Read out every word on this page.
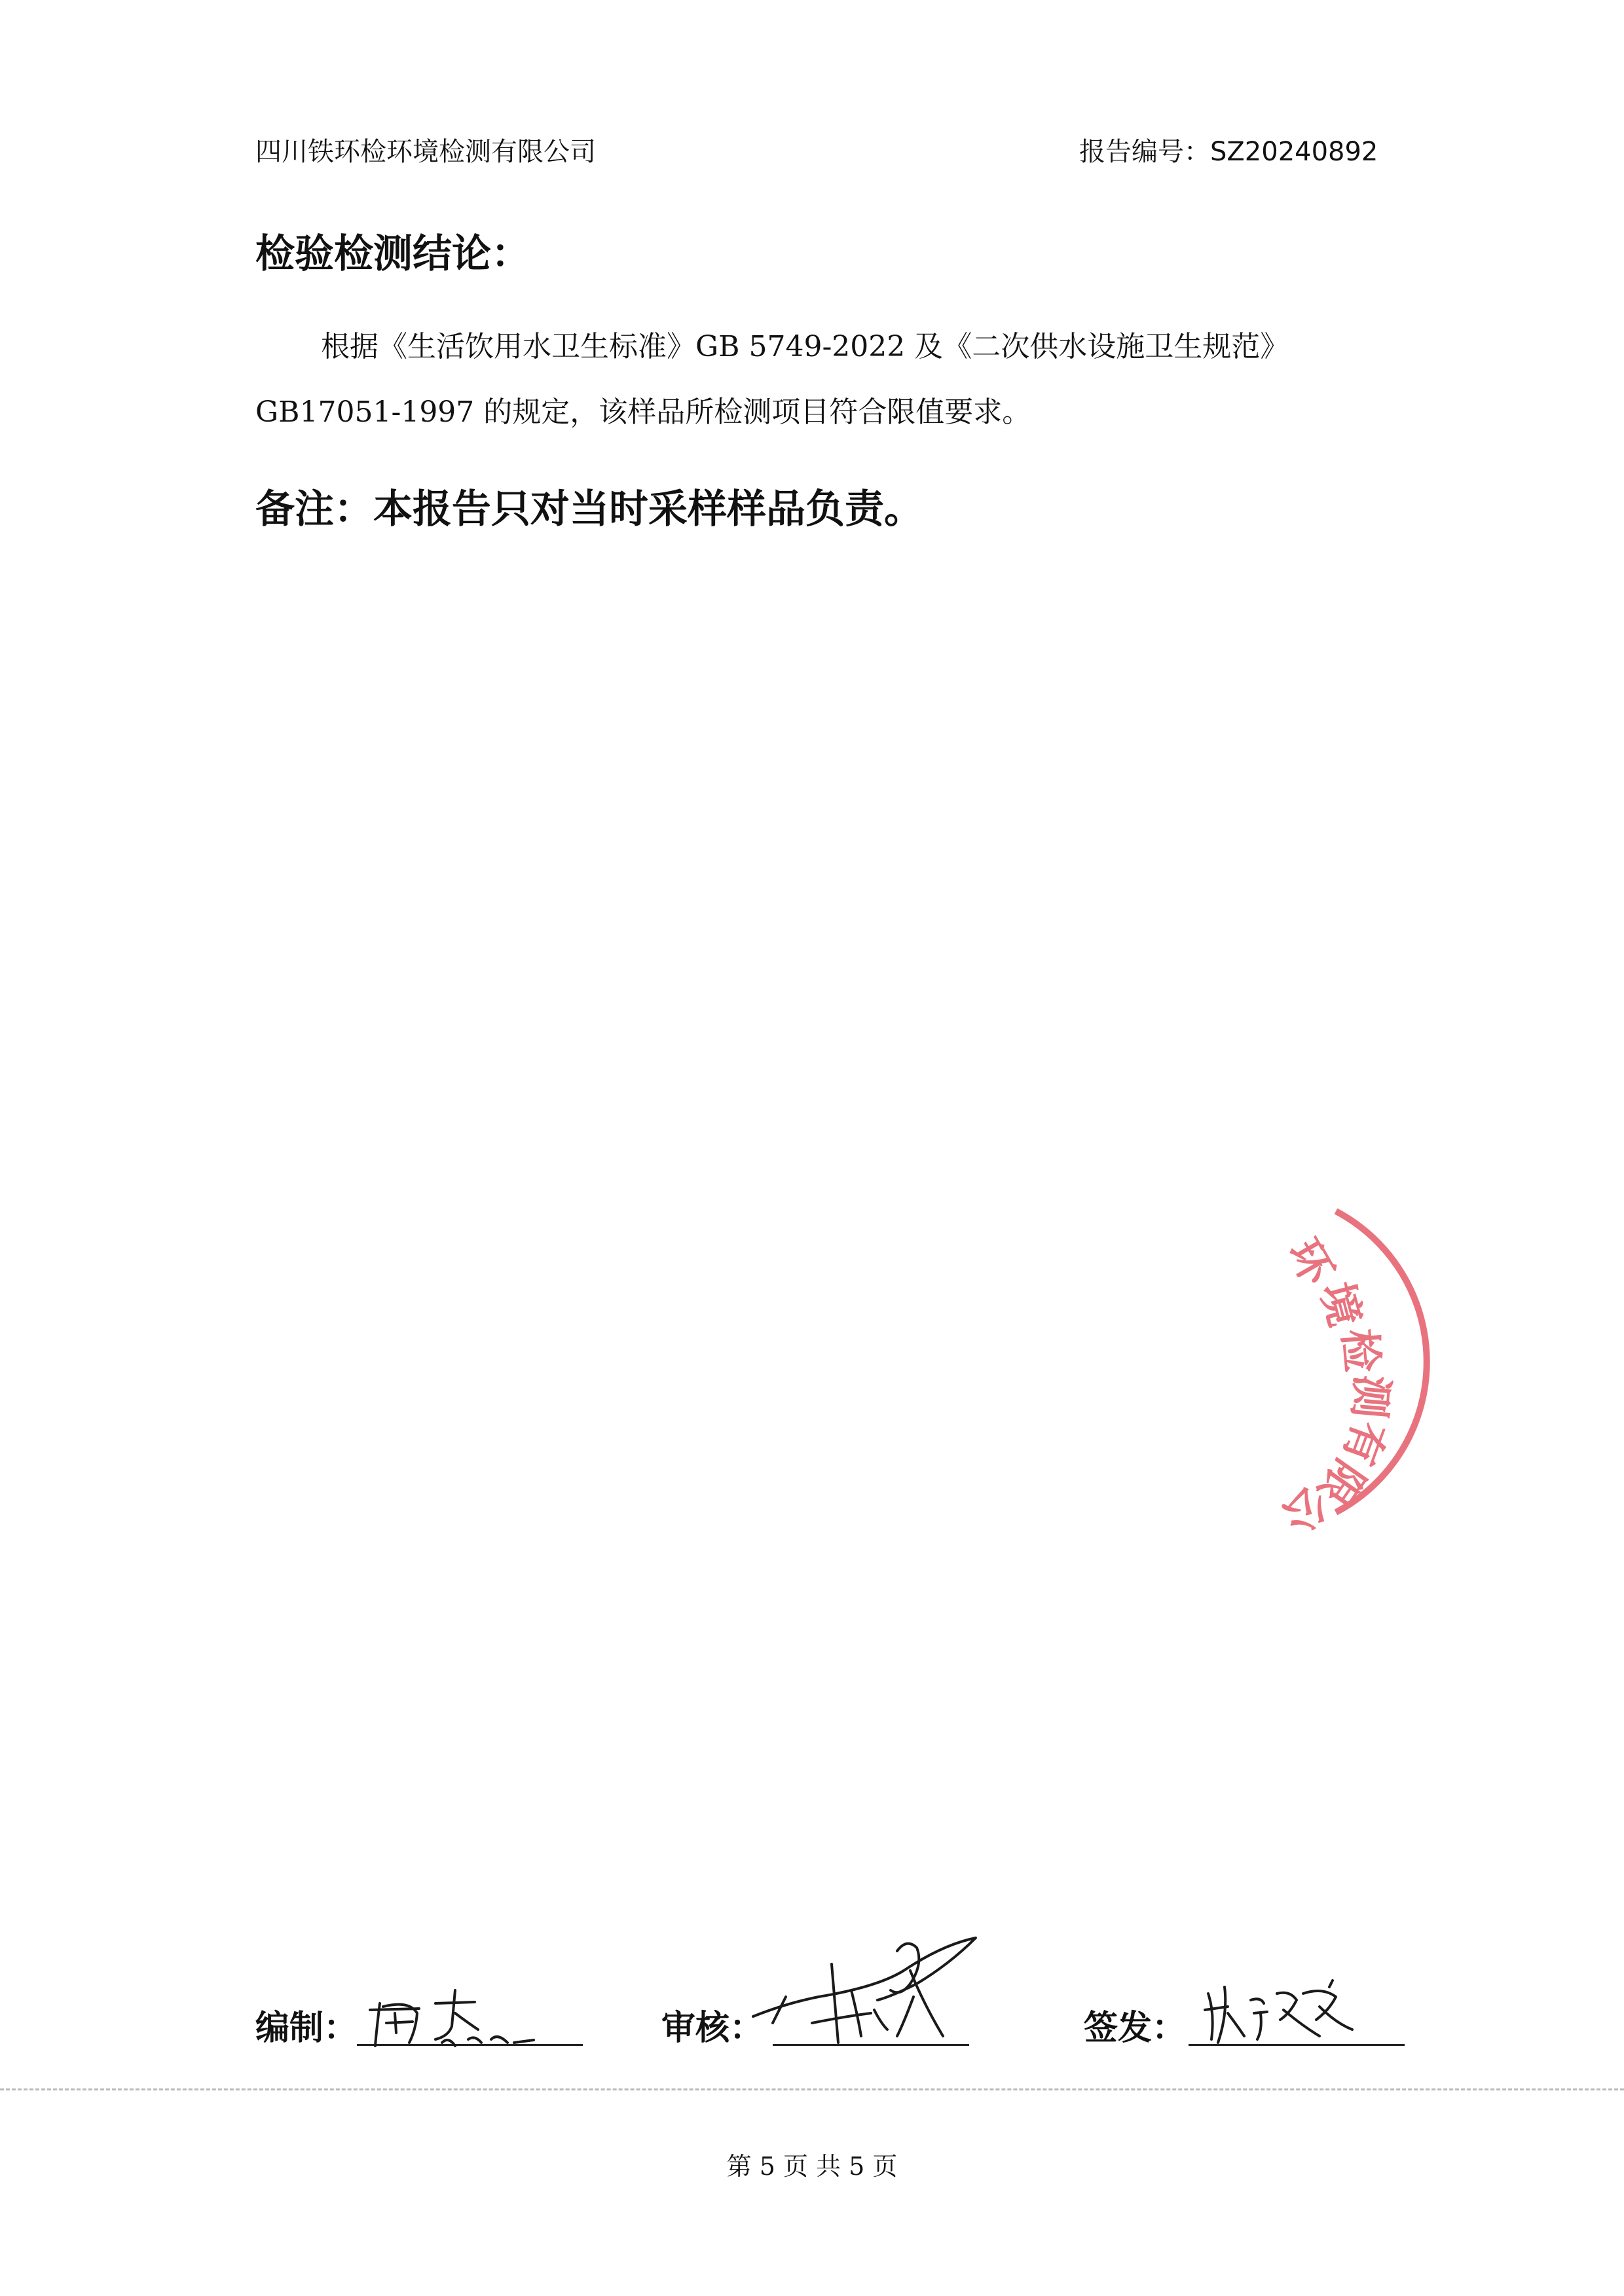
四川铁环检环境检测有限公司	报告编号：SZ20240892
检验检测结论：
根据《生活饮用水卫生标准》GB 5749-2022 及《二次供水设施卫生规范》
GB17051-1997 的规定，该样品所检测项目符合限值要求。
备注：本报告只对当时采样样品负责。
环
境
检
测
有
限
公
编制：	审核：	签发：
第 5 页 共 5 页
